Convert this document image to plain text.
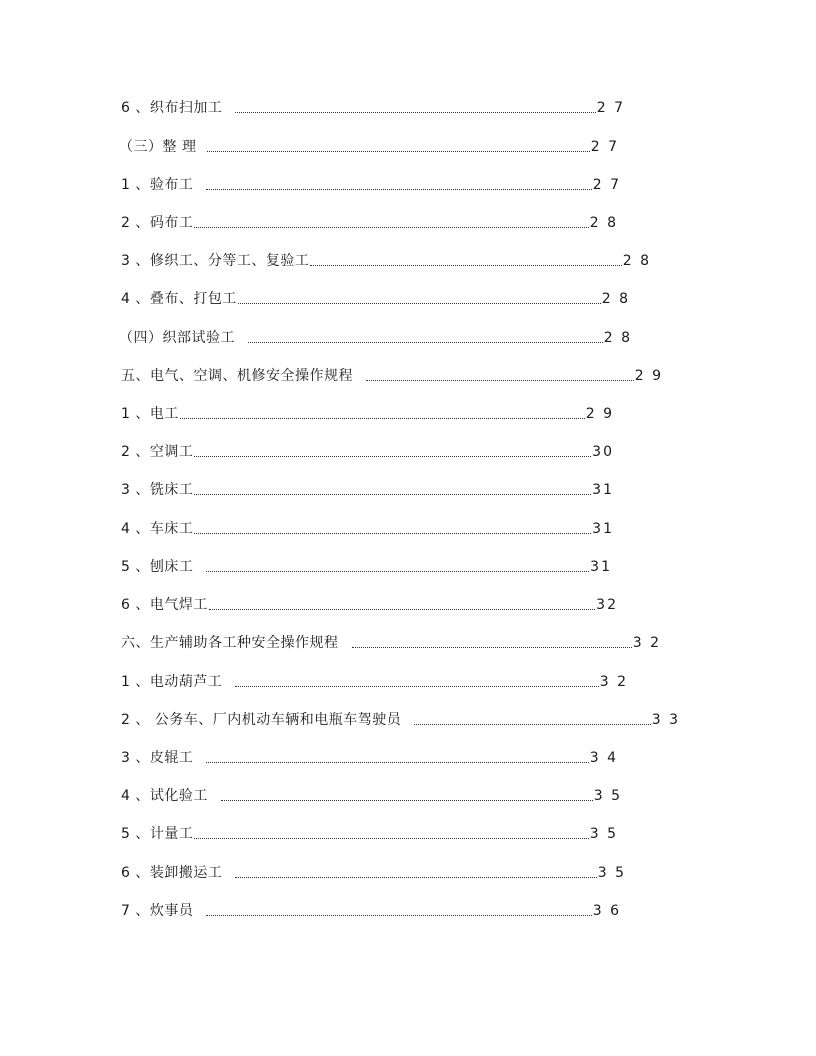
6 、织布扫加工	2 7
（三）整 理	2 7
1 、验布工	2 7
2 、码布工	2 8
3 、修织工、分等工、复验工	2 8
4 、叠布、打包工	2 8
（四）织部试验工	2 8
五、电气、空调、机修安全操作规程	2 9
1 、电工	2 9
2 、空调工	30
3 、铣床工	31
4 、车床工	31
5 、刨床工	31
6 、电气焊工	32
六、生产辅助各工种安全操作规程	3 2
1 、电动葫芦工	3 2
2 、 公务车、厂内机动车辆和电瓶车驾驶员	3 3
3 、皮辊工	3 4
4 、试化验工	3 5
5 、计量工	3 5
6 、装卸搬运工	3 5
7 、炊事员	3 6
